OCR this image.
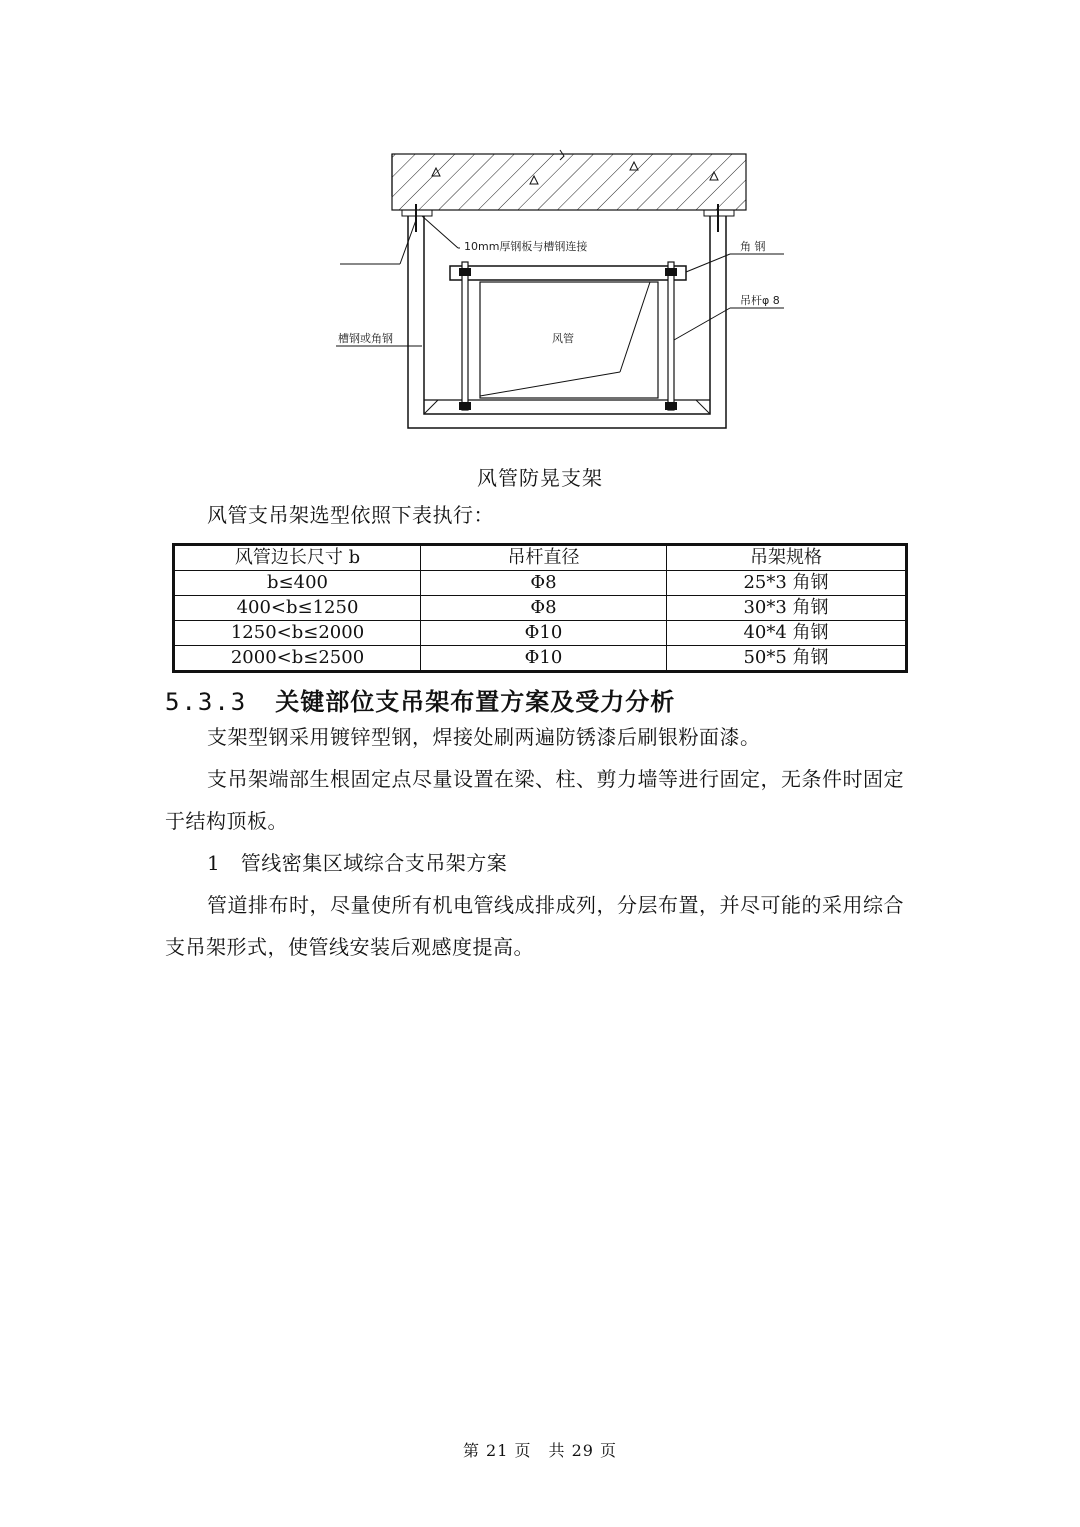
10mm厚钢板与槽钢连接	角 钢
吊杆φ 8
槽钢或角钢	风管
风管防晃支架
风管支吊架选型依照下表执行：
风管边长尺寸 b	吊杆直径	吊架规格
b≤400	Φ8	25*3 角钢
400<b≤1250	Φ8	30*3 角钢
1250<b≤2000	Φ10	40*4 角钢
2000<b≤2500	Φ10	50*5 角钢
5.3.3 关键部位支吊架布置方案及受力分析
支架型钢采用镀锌型钢，焊接处刷两遍防锈漆后刷银粉面漆。
支吊架端部生根固定点尽量设置在梁、柱、剪力墙等进行固定，无条件时固定于结构顶板。
1　管线密集区域综合支吊架方案
管道排布时，尽量使所有机电管线成排成列，分层布置，并尽可能的采用综合支吊架形式，使管线安装后观感度提高。
第 21 页　共 29 页
